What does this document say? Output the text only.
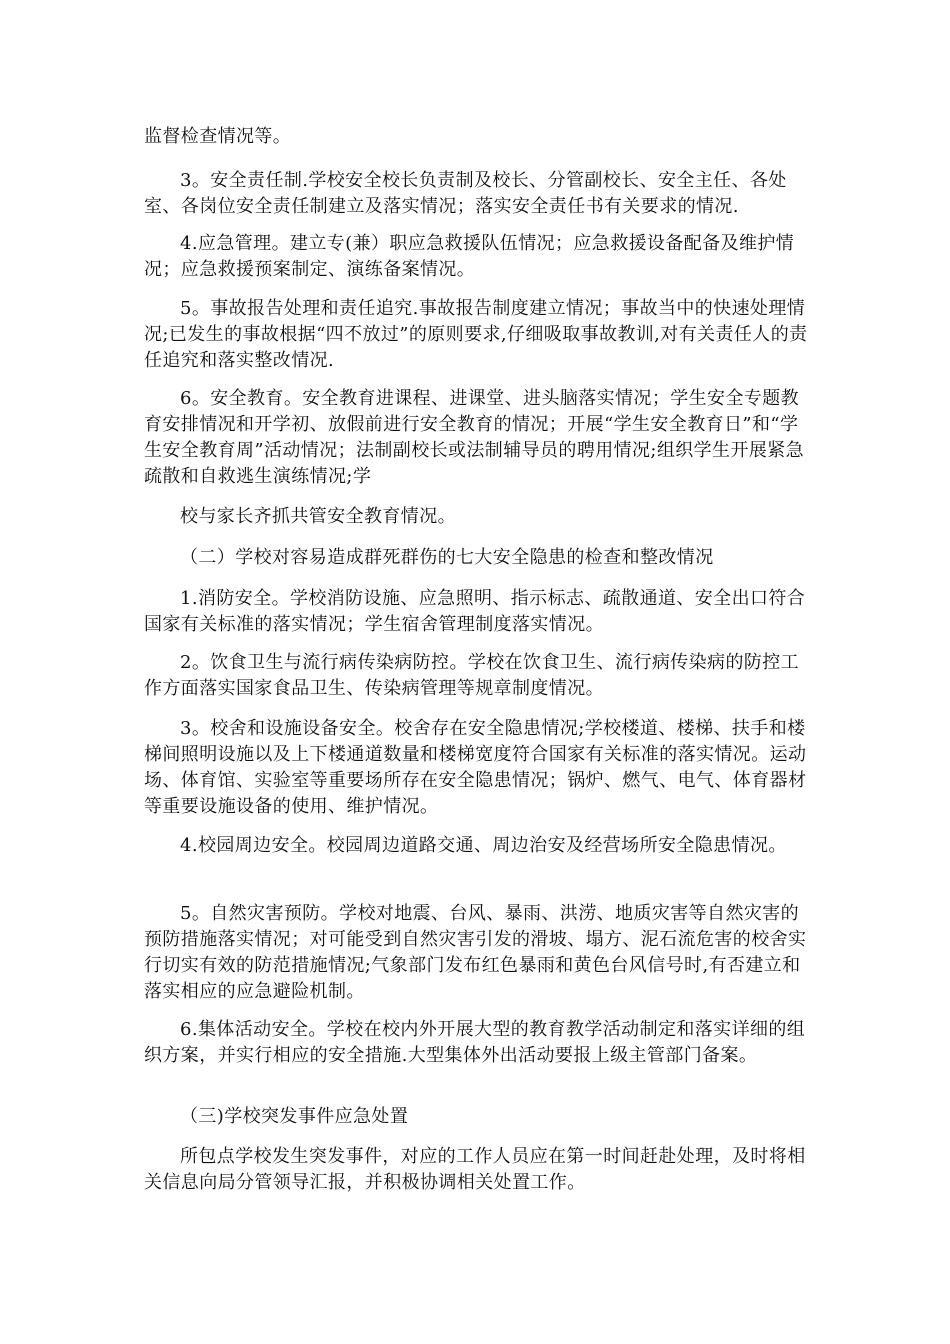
监督检查情况等。

3。安全责任制.学校安全校长负责制及校长、分管副校长、安全主任、各处室、各岗位安全责任制建立及落实情况；落实安全责任书有关要求的情况.

4.应急管理。建立专(兼）职应急救援队伍情况；应急救援设备配备及维护情况；应急救援预案制定、演练备案情况。

5。事故报告处理和责任追究.事故报告制度建立情况；事故当中的快速处理情况;已发生的事故根据“四不放过”的原则要求,仔细吸取事故教训,对有关责任人的责任追究和落实整改情况.

6。安全教育。安全教育进课程、进课堂、进头脑落实情况；学生安全专题教育安排情况和开学初、放假前进行安全教育的情况；开展“学生安全教育日”和“学生安全教育周”活动情况；法制副校长或法制辅导员的聘用情况;组织学生开展紧急疏散和自救逃生演练情况;学

校与家长齐抓共管安全教育情况。

（二）学校对容易造成群死群伤的七大安全隐患的检查和整改情况

1.消防安全。学校消防设施、应急照明、指示标志、疏散通道、安全出口符合国家有关标准的落实情况；学生宿舍管理制度落实情况。

2。饮食卫生与流行病传染病防控。学校在饮食卫生、流行病传染病的防控工作方面落实国家食品卫生、传染病管理等规章制度情况。

3。校舍和设施设备安全。校舍存在安全隐患情况;学校楼道、楼梯、扶手和楼梯间照明设施以及上下楼通道数量和楼梯宽度符合国家有关标准的落实情况。运动场、体育馆、实验室等重要场所存在安全隐患情况；锅炉、燃气、电气、体育器材等重要设施设备的使用、维护情况。

4.校园周边安全。校园周边道路交通、周边治安及经营场所安全隐患情况。

5。自然灾害预防。学校对地震、台风、暴雨、洪涝、地质灾害等自然灾害的预防措施落实情况；对可能受到自然灾害引发的滑坡、塌方、泥石流危害的校舍实行切实有效的防范措施情况;气象部门发布红色暴雨和黄色台风信号时,有否建立和落实相应的应急避险机制。

6.集体活动安全。学校在校内外开展大型的教育教学活动制定和落实详细的组织方案，并实行相应的安全措施.大型集体外出活动要报上级主管部门备案。

（三)学校突发事件应急处置

所包点学校发生突发事件，对应的工作人员应在第一时间赶赴处理，及时将相关信息向局分管领导汇报，并积极协调相关处置工作。
